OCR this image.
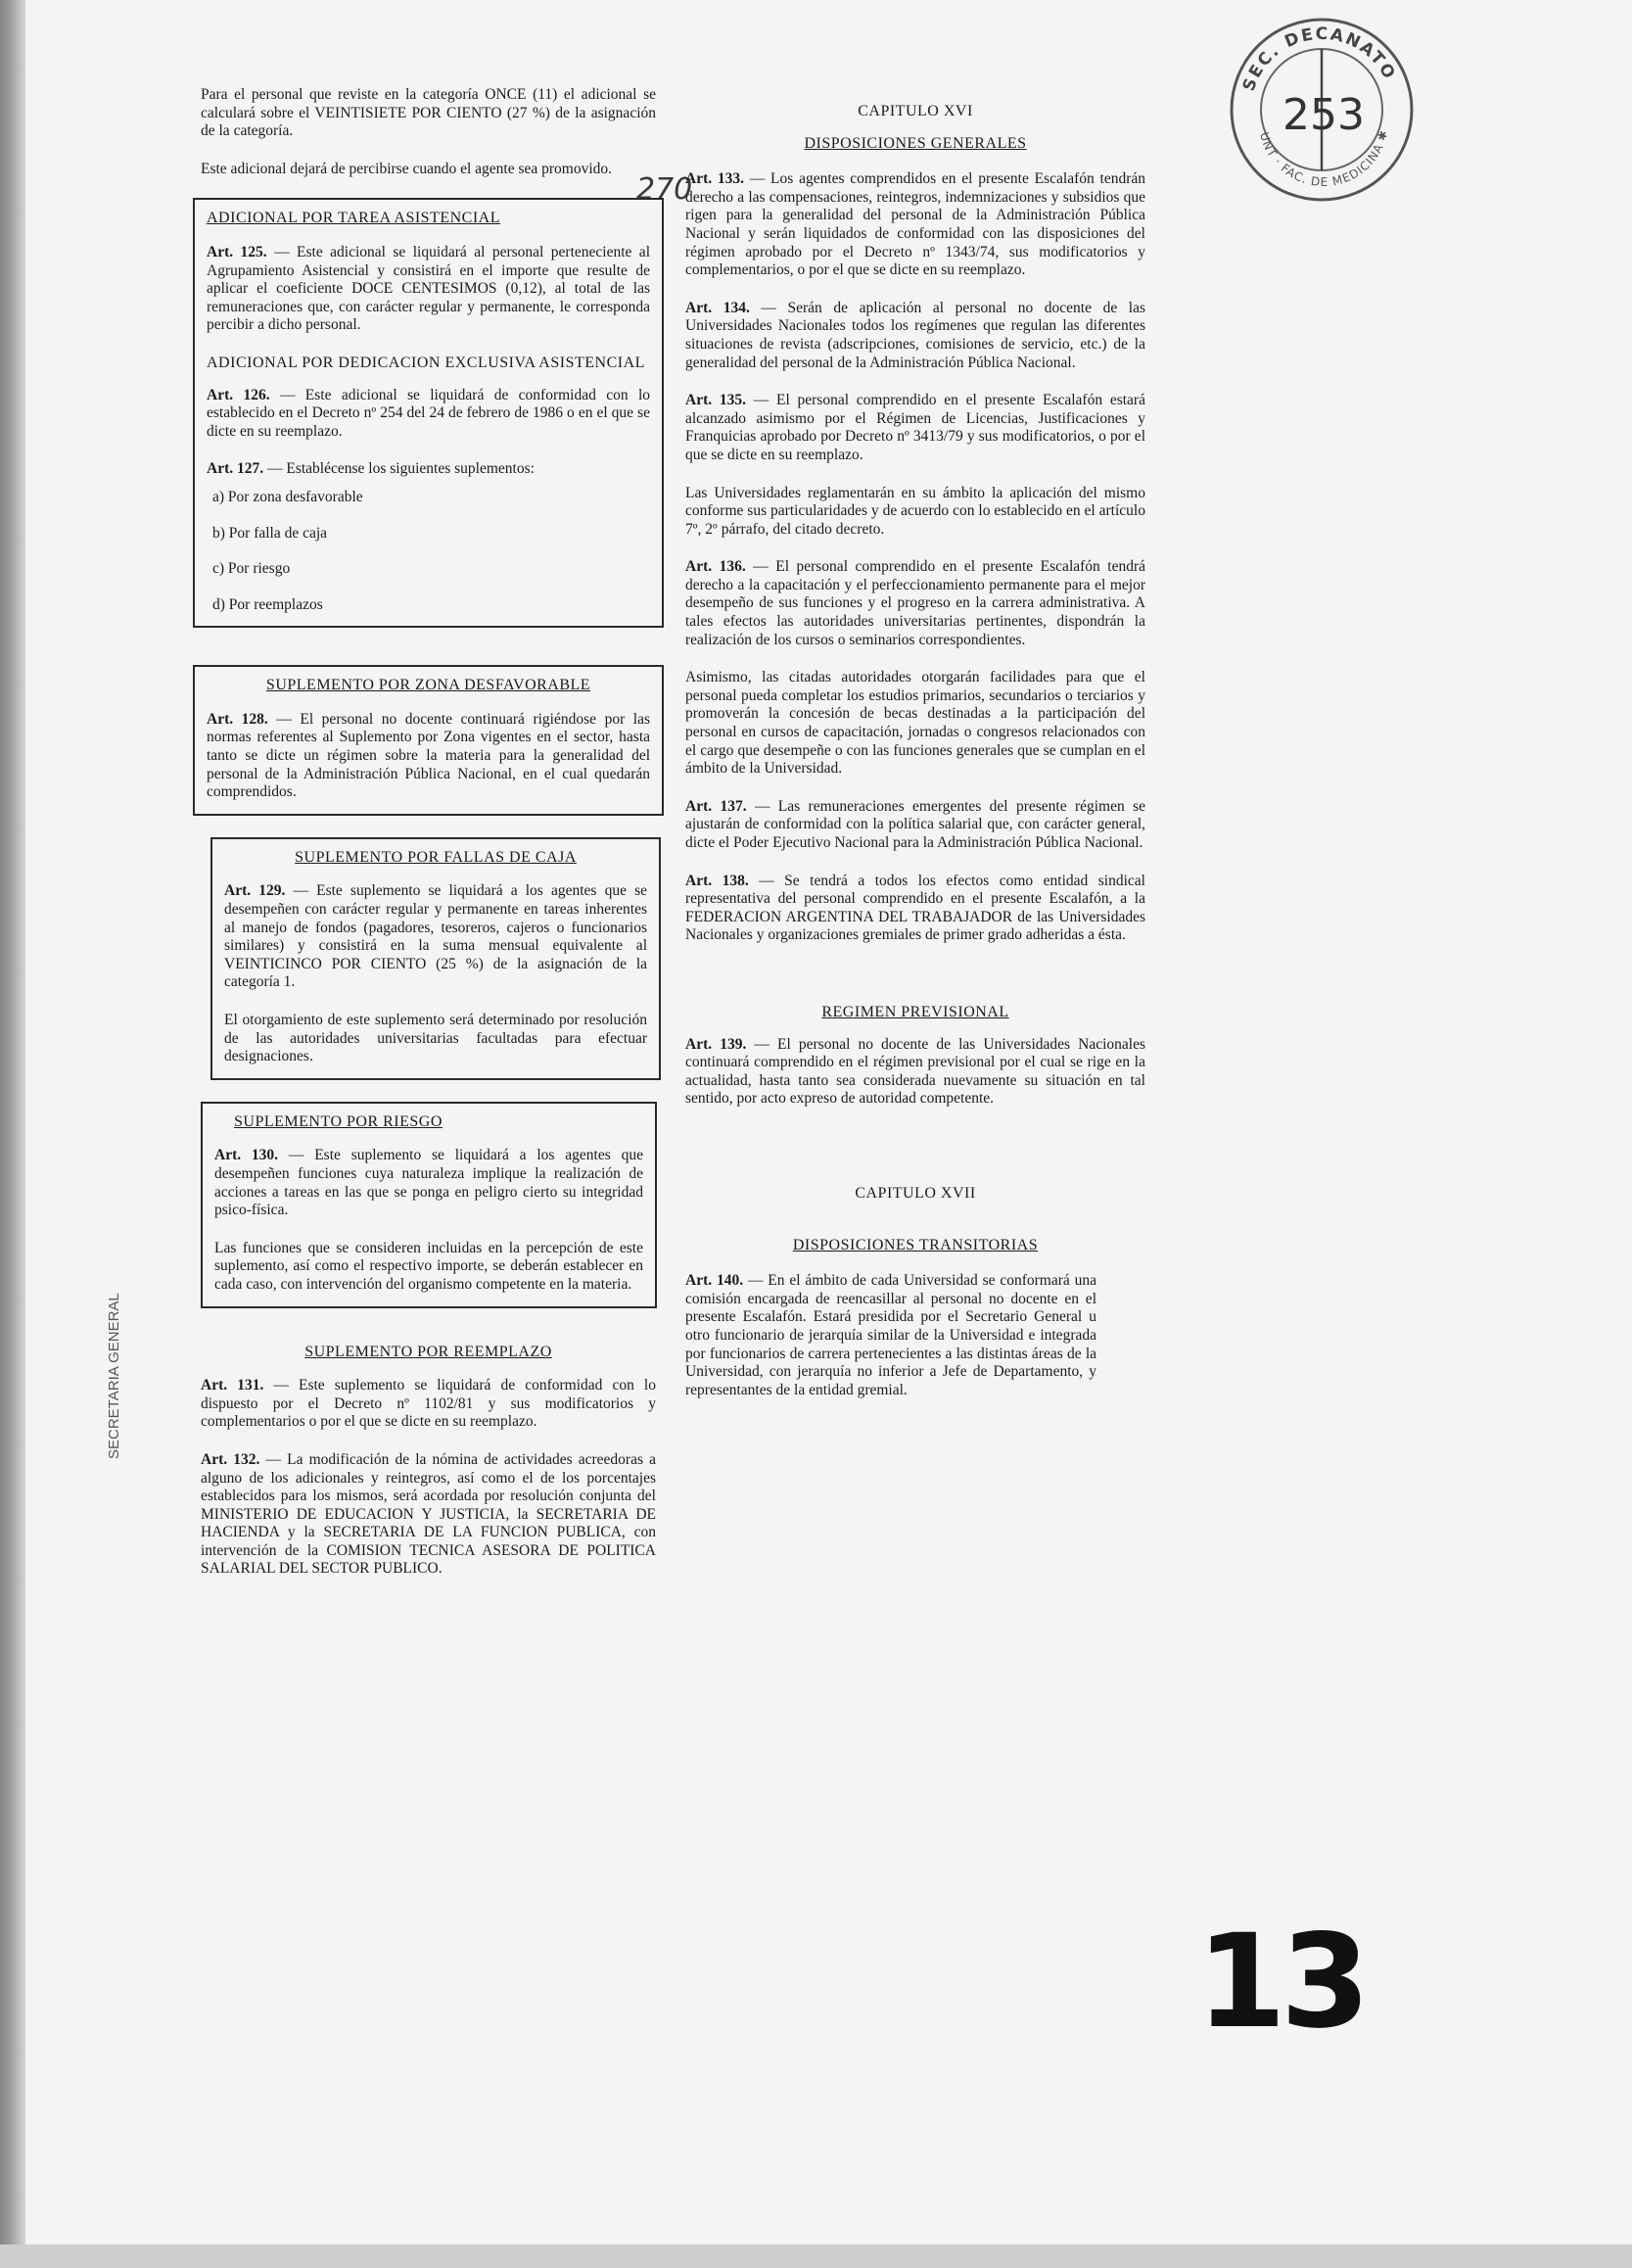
SEC. DECANATO
UNT · FAC. DE MEDICINA ✱
253
SECRETARIA GENERAL
270

Para el personal que reviste en la categoría ONCE (11) el adicional se calculará sobre el VEINTISIETE POR CIENTO (27 %) de la asignación de la categoría.

Este adicional dejará de percibirse cuando el agente sea promovido.

ADICIONAL POR TAREA ASISTENCIAL

Art. 125. — Este adicional se liquidará al personal perteneciente al Agrupamiento Asistencial y consistirá en el importe que resulte de aplicar el coeficiente DOCE CENTESIMOS (0,12), al total de las remuneraciones que, con carácter regular y permanente, le corresponda percibir a dicho personal.

ADICIONAL POR DEDICACION EXCLUSIVA ASISTENCIAL

Art. 126. — Este adicional se liquidará de conformidad con lo establecido en el Decreto nº 254 del 24 de febrero de 1986 o en el que se dicte en su reemplazo.

Art. 127. — Establécense los siguientes suplementos:

a) Por zona desfavorable
b) Por falla de caja
c) Por riesgo
d) Por reemplazos
SUPLEMENTO POR ZONA DESFAVORABLE

Art. 128. — El personal no docente continuará rigiéndose por las normas referentes al Suplemento por Zona vigentes en el sector, hasta tanto se dicte un régimen sobre la materia para la generalidad del personal de la Administración Pública Nacional, en el cual quedarán comprendidos.

SUPLEMENTO POR FALLAS DE CAJA

Art. 129. — Este suplemento se liquidará a los agentes que se desempeñen con carácter regular y permanente en tareas inherentes al manejo de fondos (pagadores, tesoreros, cajeros o funcionarios similares) y consistirá en la suma mensual equivalente al VEINTICINCO POR CIENTO (25 %) de la asignación de la categoría 1.

El otorgamiento de este suplemento será determinado por resolución de las autoridades universitarias facultadas para efectuar designaciones.

SUPLEMENTO POR RIESGO

Art. 130. — Este suplemento se liquidará a los agentes que desempeñen funciones cuya naturaleza implique la realización de acciones a tareas en las que se ponga en peligro cierto su integridad psico-física.

Las funciones que se consideren incluidas en la percepción de este suplemento, así como el respectivo importe, se deberán establecer en cada caso, con intervención del organismo competente en la materia.

SUPLEMENTO POR REEMPLAZO

Art. 131. — Este suplemento se liquidará de conformidad con lo dispuesto por el Decreto nº 1102/81 y sus modificatorios y complementarios o por el que se dicte en su reemplazo.

Art. 132. — La modificación de la nómina de actividades acreedoras a alguno de los adicionales y reintegros, así como el de los porcentajes establecidos para los mismos, será acordada por resolución conjunta del MINISTERIO DE EDUCACION Y JUSTICIA, la SECRETARIA DE HACIENDA y la SECRETARIA DE LA FUNCION PUBLICA, con intervención de la COMISION TECNICA ASESORA DE POLITICA SALARIAL DEL SECTOR PUBLICO.

CAPITULO XVI
DISPOSICIONES GENERALES

Art. 133. — Los agentes comprendidos en el presente Escalafón tendrán derecho a las compensaciones, reintegros, indemnizaciones y subsidios que rigen para la generalidad del personal de la Administración Pública Nacional y serán liquidados de conformidad con las disposiciones del régimen aprobado por el Decreto nº 1343/74, sus modificatorios y complementarios, o por el que se dicte en su reemplazo.

Art. 134. — Serán de aplicación al personal no docente de las Universidades Nacionales todos los regímenes que regulan las diferentes situaciones de revista (adscripciones, comisiones de servicio, etc.) de la generalidad del personal de la Administración Pública Nacional.

Art. 135. — El personal comprendido en el presente Escalafón estará alcanzado asimismo por el Régimen de Licencias, Justificaciones y Franquicias aprobado por Decreto nº 3413/79 y sus modificatorios, o por el que se dicte en su reemplazo.

Las Universidades reglamentarán en su ámbito la aplicación del mismo conforme sus particularidades y de acuerdo con lo establecido en el artículo 7º, 2º párrafo, del citado decreto.

Art. 136. — El personal comprendido en el presente Escalafón tendrá derecho a la capacitación y el perfeccionamiento permanente para el mejor desempeño de sus funciones y el progreso en la carrera administrativa. A tales efectos las autoridades universitarias pertinentes, dispondrán la realización de los cursos o seminarios correspondientes.

Asimismo, las citadas autoridades otorgarán facilidades para que el personal pueda completar los estudios primarios, secundarios o terciarios y promoverán la concesión de becas destinadas a la participación del personal en cursos de capacitación, jornadas o congresos relacionados con el cargo que desempeñe o con las funciones generales que se cumplan en el ámbito de la Universidad.

Art. 137. — Las remuneraciones emergentes del presente régimen se ajustarán de conformidad con la política salarial que, con carácter general, dicte el Poder Ejecutivo Nacional para la Administración Pública Nacional.

Art. 138. — Se tendrá a todos los efectos como entidad sindical representativa del personal comprendido en el presente Escalafón, a la FEDERACION ARGENTINA DEL TRABAJADOR de las Universidades Nacionales y organizaciones gremiales de primer grado adheridas a ésta.

REGIMEN PREVISIONAL

Art. 139. — El personal no docente de las Universidades Nacionales continuará comprendido en el régimen previsional por el cual se rige en la actualidad, hasta tanto sea considerada nuevamente su situación en tal sentido, por acto expreso de autoridad competente.

CAPITULO XVII
DISPOSICIONES TRANSITORIAS

Art. 140. — En el ámbito de cada Universidad se conformará una comisión encargada de reencasillar al personal no docente en el presente Escalafón. Estará presidida por el Secretario General u otro funcionario de jerarquía similar de la Universidad e integrada por funcionarios de carrera pertenecientes a las distintas áreas de la Universidad, con jerarquía no inferior a Jefe de Departamento, y representantes de la entidad gremial.

13
